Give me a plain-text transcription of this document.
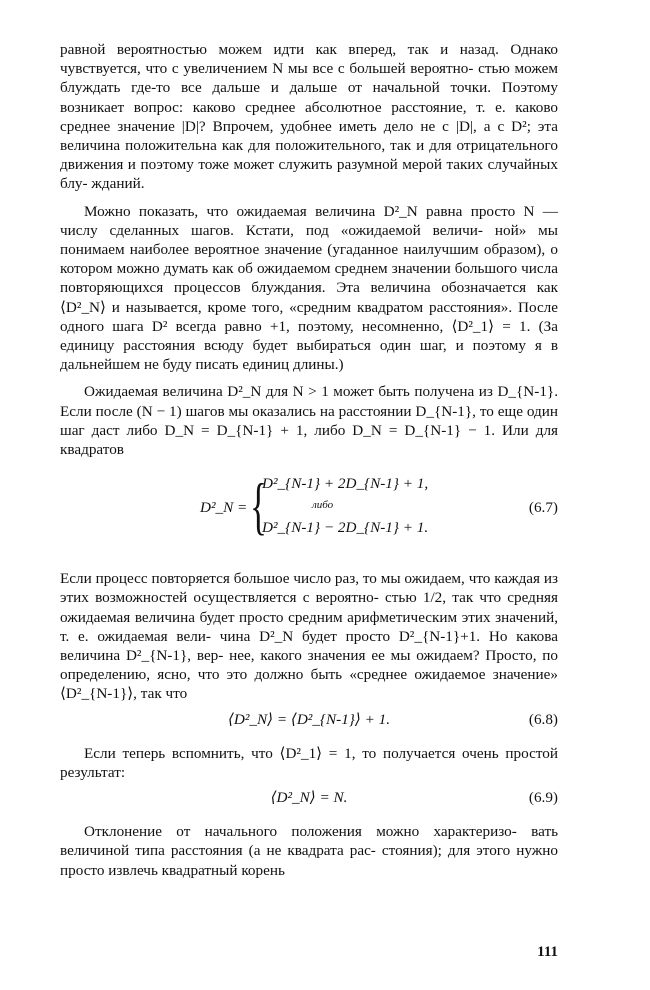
равной вероятностью можем идти как вперед, так и назад. Однако чувствуется, что с увеличением N мы все с большей вероятно- стью можем блуждать где-то все дальше и дальше от начальной точки. Поэтому возникает вопрос: каково среднее абсолютное расстояние, т. е. каково среднее значение |D|? Впрочем, удобнее иметь дело не с |D|, а с D²; эта величина положительна как для положительного, так и для отрицательного движения и поэтому тоже может служить разумной мерой таких случайных блу- жданий.

Можно показать, что ожидаемая величина D²_N равна просто N — числу сделанных шагов. Кстати, под «ожидаемой величи- ной» мы понимаем наиболее вероятное значение (угаданное наилучшим образом), о котором можно думать как об ожидаемом среднем значении большого числа повторяющихся процессов блуждания. Эта величина обозначается как ⟨D²_N⟩ и называется, кроме того, «средним квадратом расстояния». После одного шага D² всегда равно +1, поэтому, несомненно, ⟨D²_1⟩ = 1. (За единицу расстояния всюду будет выбираться один шаг, и поэтому я в дальнейшем не буду писать единиц длины.)

Ожидаемая величина D²_N для N > 1 может быть получена из D_{N-1}. Если после (N − 1) шагов мы оказались на расстоянии D_{N-1}, то еще один шаг даст либо D_N = D_{N-1} + 1, либо D_N = D_{N-1} − 1. Или для квадратов

D²_N = {
D²_{N-1} + 2D_{N-1} + 1,
либо
D²_{N-1} − 2D_{N-1} + 1.
(6.7)

Если процесс повторяется большое число раз, то мы ожидаем, что каждая из этих возможностей осуществляется с вероятно- стью 1/2, так что средняя ожидаемая величина будет просто средним арифметическим этих значений, т. е. ожидаемая вели- чина D²_N будет просто D²_{N-1}+1. Но какова величина D²_{N-1}, вер- нее, какого значения ее мы ожидаем? Просто, по определению, ясно, что это должно быть «среднее ожидаемое значение» ⟨D²_{N-1}⟩, так что

⟨D²_N⟩ = ⟨D²_{N-1}⟩ + 1.	(6.8)

Если теперь вспомнить, что ⟨D²_1⟩ = 1, то получается очень простой результат:

⟨D²_N⟩ = N.	(6.9)

Отклонение от начального положения можно характеризо- вать величиной типа расстояния (а не квадрата рас- стояния); для этого нужно просто извлечь квадратный корень

111
